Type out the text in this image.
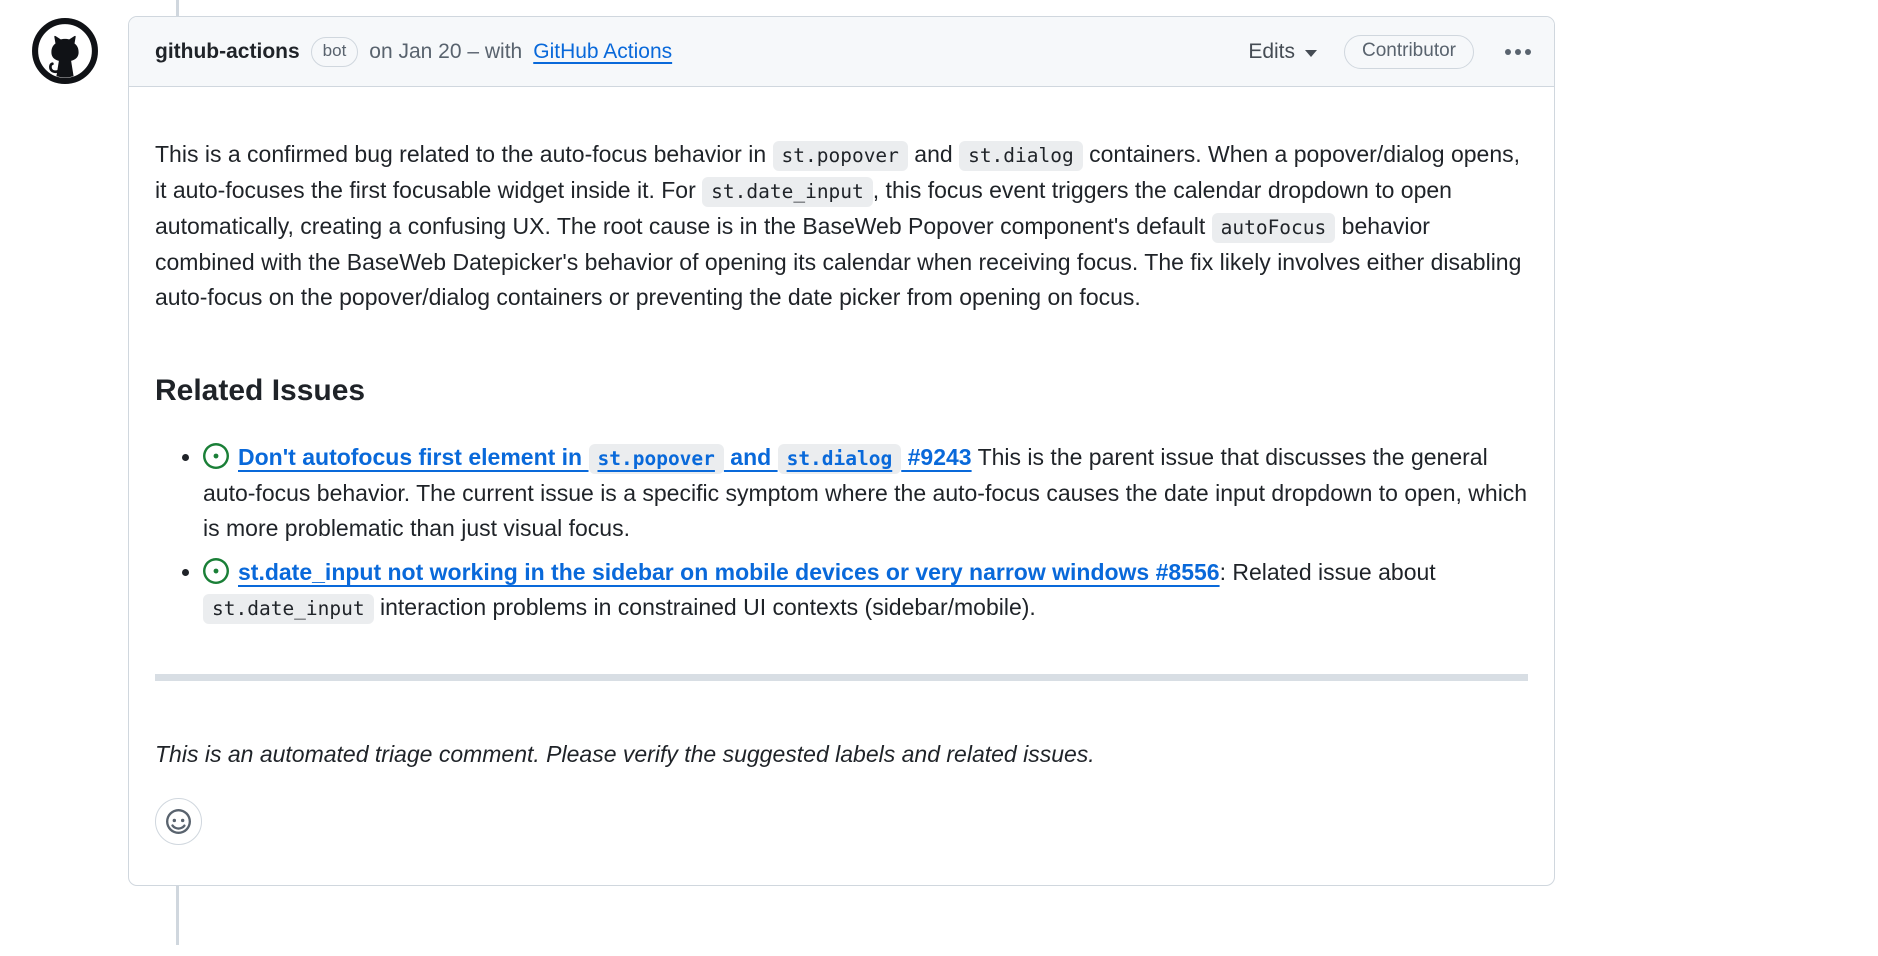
github-actions	bot	on Jan 20 – with GitHub Actions	Edits	Contributor

This is a confirmed bug related to the auto-focus behavior in st.popover and st.dialog containers. When a popover/dialog opens, it auto-focuses the first focusable widget inside it. For st.date_input , this focus event triggers the calendar dropdown to open automatically, creating a confusing UX. The root cause is in the BaseWeb Popover component's default autoFocus behavior combined with the BaseWeb Datepicker's behavior of opening its calendar when receiving focus. The fix likely involves either disabling auto-focus on the popover/dialog containers or preventing the date picker from opening on focus.

Related Issues
• Don't autofocus first element in st.popover and st.dialog #9243 This is the parent issue that discusses the general auto-focus behavior. The current issue is a specific symptom where the auto-focus causes the date input dropdown to open, which is more problematic than just visual focus.
• st.date_input not working in the sidebar on mobile devices or very narrow windows #8556: Related issue about st.date_input interaction problems in constrained UI contexts (sidebar/mobile).

This is an automated triage comment. Please verify the suggested labels and related issues.
